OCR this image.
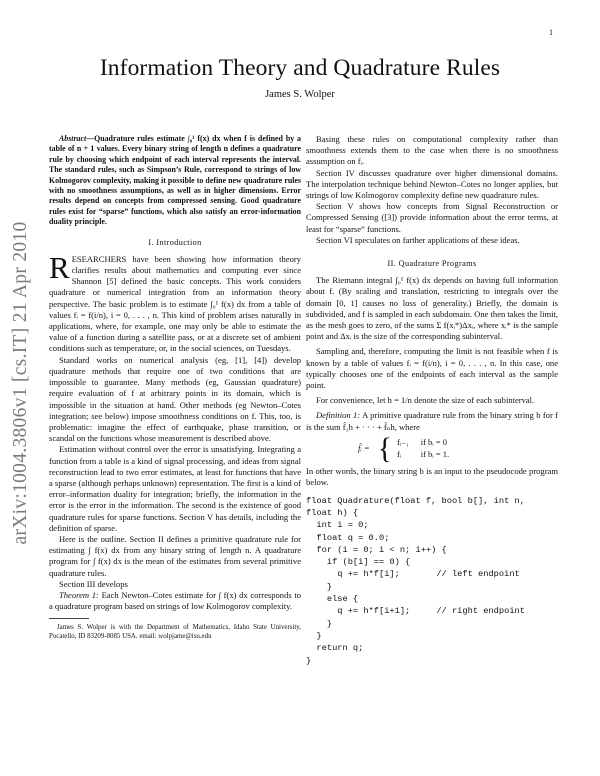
1
arXiv:1004.3806v1 [cs.IT] 21 Apr 2010
Information Theory and Quadrature Rules
James S. Wolper

Abstract—Quadrature rules estimate ∫₀¹ f(x) dx when f is defined by a table of n + 1 values. Every binary string of length n defines a quadrature rule by choosing which endpoint of each interval represents the interval. The standard rules, such as Simpson’s Rule, correspond to strings of low Kolmogorov complexity, making it possible to define new quadrature rules with no smoothness assumptions, as well as in higher dimensions. Error results depend on concepts from compressed sensing. Good quadrature rules exist for “sparse” functions, which also satisfy an error-information duality principle.

I. Introduction

RESEARCHERS have been showing how information theory clarifies results about mathematics and computing ever since Shannon [5] defined the basic concepts. This work considers quadrature or numerical integration from an information theory perspective. The basic problem is to estimate ∫₀¹ f(x) dx from a table of values fᵢ = f(i/n), i = 0, . . . , n. This kind of problem arises naturally in applications, where, for example, one may only be able to estimate the value of a function during a satellite pass, or at a discrete set of ambient conditions such as temperature, or, in the social sciences, on Tuesdays.

Standard works on numerical analysis (eg, [1], [4]) develop quadrature methods that require one of two conditions that are impossible to guarantee. Many methods (eg, Gaussian quadrature) require evaluation of f at arbitrary points in its domain, which is impossible in the situation at hand. Other methods (eg Newton–Cotes integration; see below) impose smoothness conditions on f. This, too, is problematic: imagine the effect of earthquake, phase transition, or scandal on the functions whose measurement is described above.

Estimation without control over the error is unsatisfying. Integrating a function from a table is a kind of signal processing, and ideas from signal reconstruction lead to two error estimates, at least for functions that have a sparse (although perhaps unknown) representation. The first is a kind of error–information duality for integration; briefly, the information in the error is the error in the information. The second is the existence of good quadrature rules for sparse functions. Section V has details, including the definition of sparse.

Here is the outline. Section II defines a primitive quadrature rule for estimating ∫ f(x) dx from any binary string of length n. A quadrature program for ∫ f(x) dx is the mean of the estimates from several primitive quadrature rules.

Section III develops

Theorem 1: Each Newton–Cotes estimate for ∫ f(x) dx corresponds to a quadrature program based on strings of low Kolmogorov complexity.

James S. Wolper is with the Department of Mathematics, Idaho State University, Pocatello, ID 83209-8085 USA. email: wolpjame@isu.edu

Basing these rules on computational complexity rather than smoothness extends them to the case when there is no smoothness assumption on fᵢ.

Section IV discusses quadrature over higher dimensional domains. The interpolation technique behind Newton–Cotes no longer applies, but strings of low Kolmogorov complexity define new quadrature rules.

Section V shows how concepts from Signal Reconstruction or Compressed Sensing ([3]) provide information about the error terms, at least for “sparse” functions.

Section VI speculates on farther applications of these ideas.

II. Quadrature Programs

The Riemann integral ∫₀¹ f(x) dx depends on having full information about f. (By scaling and translation, restricting to integrals over the domain [0, 1] causes no loss of generality.) Briefly, the domain is subdivided, and f is sampled in each subdomain. One then takes the limit, as the mesh goes to zero, of the sums Σ f(xᵢ*)Δxᵢ, where xᵢ* is the sample point and Δxᵢ is the size of the corresponding subinterval.

Sampling and, therefore, computing the limit is not feasible when f is known by a table of values fᵢ = f(i/n), i = 0, . . . , n. In this case, one typically chooses one of the endpoints of each interval as the sample point.

For convenience, let h = 1/n denote the size of each subinterval.

Definition 1: A primitive quadrature rule from the binary string b for f is the sum f̂₁h + · · · + f̂ₙh, where

f̂ᵢ = { fᵢ₋₁	if bᵢ = 0
fᵢ	if bᵢ = 1.

In other words, the binary string b is an input to the pseudocode program below.

float Quadrature(float f, bool b[], int n,
float h) {
int i = 0;
float q = 0.0;
for (i = 0; i < n; i++) {
if (b[i] == 0) {
q += h*f[i];       // left endpoint
}
else {
q += h*f[i+1];     // right endpoint
}
}
return q;
}
